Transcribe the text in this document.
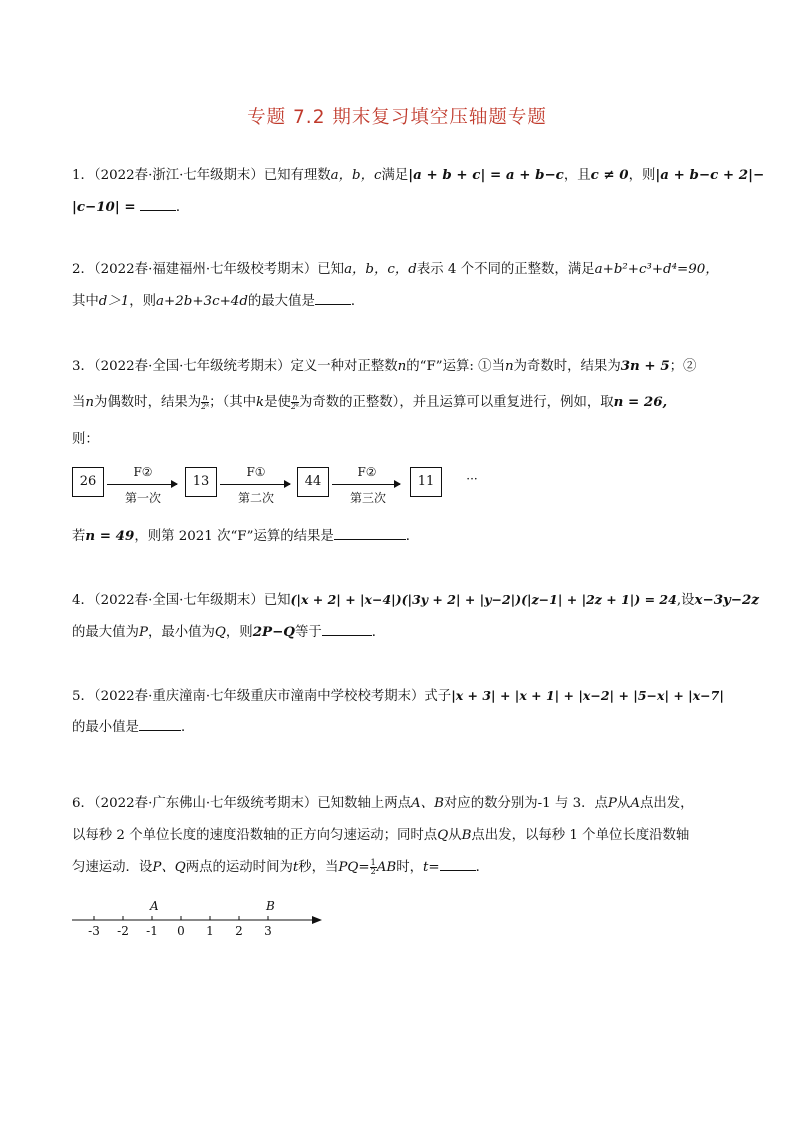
专题 7.2 期末复习填空压轴题专题
1．（2022春·浙江·七年级期末）已知有理数a，b，c满足|a + b + c| = a + b−c，且c ≠ 0，则|a + b−c + 2|−
|c−10| =	．
2．（2022春·福建福州·七年级校考期末）已知a，b，c，d表示 4 个不同的正整数，满足a+b²+c³+d⁴=90，
其中d＞1，则a+2b+3c+4d的最大值是	．
3．（2022春·全国·七年级统考期末）定义一种对正整数n的“F”运算: ①当n为奇数时，结果为3n + 5；②
当n为偶数时，结果为 $\frac{n}{\text{2ᵏ}}$ ；（其中k是使 $\frac{n}{\text{2ᵏ}}$ 为奇数的正整数），并且运算可以重复进行，例如，取n = 26,
则：
26
F②
第一次
13
F①
第二次
44
F②
第三次
11	···
若n = 49，则第 2021 次“F”运算的结果是	．
4．（2022春·全国·七年级期末）已知(|x + 2| + |x−4|)(|3y + 2| + |y−2|)(|z−1| + |2z + 1|) = 24,设x−3y−2z
的最大值为P，最小值为Q，则2P−Q等于	．
5．（2022春·重庆潼南·七年级重庆市潼南中学校校考期末）式子|x + 3| + |x + 1| + |x−2| + |5−x| + |x−7|
的最小值是	．
6．（2022春·广东佛山·七年级统考期末）已知数轴上两点A、B对应的数分别为-1 与 3．点P从A点出发，
以每秒 2 个单位长度的速度沿数轴的正方向匀速运动；同时点Q从B点出发，以每秒 1 个单位长度沿数轴
匀速运动．设P、Q两点的运动时间为t秒，当$PQ= \frac{1}{2}$ AB时，t=	．
A	B
-3	-2	-1	0	1	2	3
